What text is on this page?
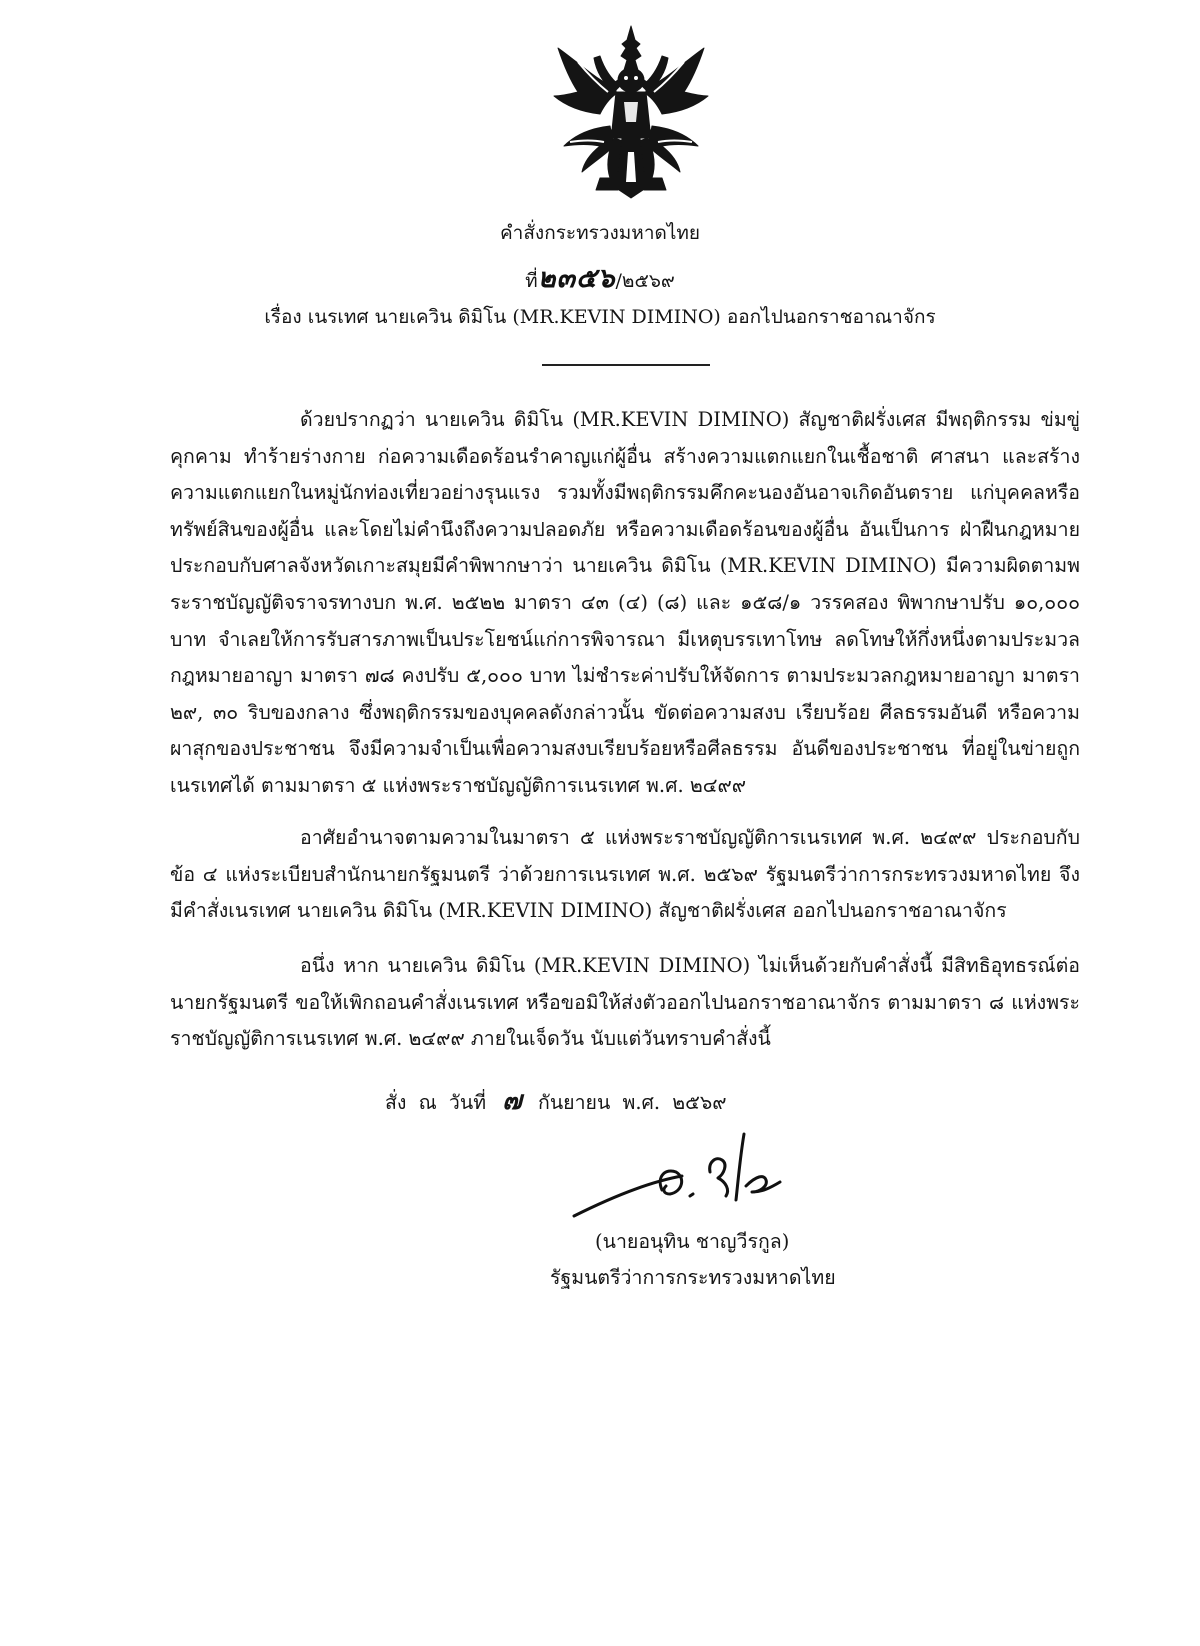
คำสั่งกระทรวงมหาดไทย
ที่๒๓๕๖/๒๕๖๙
เรื่อง เนรเทศ นายเควิน ดิมิโน (MR.KEVIN DIMINO) ออกไปนอกราชอาณาจักร

ด้วยปรากฏว่า นายเควิน ดิมิโน (MR.KEVIN DIMINO) สัญชาติฝรั่งเศส มีพฤติกรรม ข่มขู่ คุกคาม ทำร้ายร่างกาย ก่อความเดือดร้อนรำคาญแก่ผู้อื่น สร้างความแตกแยกในเชื้อชาติ ศาสนา และสร้างความแตกแยกในหมู่นักท่องเที่ยวอย่างรุนแรง รวมทั้งมีพฤติกรรมคึกคะนองอันอาจเกิดอันตราย แก่บุคคลหรือทรัพย์สินของผู้อื่น และโดยไม่คำนึงถึงความปลอดภัย หรือความเดือดร้อนของผู้อื่น อันเป็นการ ฝ่าฝืนกฎหมาย ประกอบกับศาลจังหวัดเกาะสมุยมีคำพิพากษาว่า นายเควิน ดิมิโน (MR.KEVIN DIMINO) มีความผิดตามพระราชบัญญัติจราจรทางบก พ.ศ. ๒๕๒๒ มาตรา ๔๓ (๔) (๘) และ ๑๕๘/๑ วรรคสอง พิพากษาปรับ ๑๐,๐๐๐ บาท จำเลยให้การรับสารภาพเป็นประโยชน์แก่การพิจารณา มีเหตุบรรเทาโทษ ลดโทษให้กึ่งหนึ่งตามประมวลกฎหมายอาญา มาตรา ๗๘ คงปรับ ๕,๐๐๐ บาท ไม่ชำระค่าปรับให้จัดการ ตามประมวลกฎหมายอาญา มาตรา ๒๙, ๓๐ ริบของกลาง ซึ่งพฤติกรรมของบุคคลดังกล่าวนั้น ขัดต่อความสงบ เรียบร้อย ศีลธรรมอันดี หรือความผาสุกของประชาชน จึงมีความจำเป็นเพื่อความสงบเรียบร้อยหรือศีลธรรม อันดีของประชาชน ที่อยู่ในข่ายถูกเนรเทศได้ ตามมาตรา ๕ แห่งพระราชบัญญัติการเนรเทศ พ.ศ. ๒๔๙๙

อาศัยอำนาจตามความในมาตรา ๕ แห่งพระราชบัญญัติการเนรเทศ พ.ศ. ๒๔๙๙ ประกอบกับ ข้อ ๔ แห่งระเบียบสำนักนายกรัฐมนตรี ว่าด้วยการเนรเทศ พ.ศ. ๒๕๖๙ รัฐมนตรีว่าการกระทรวงมหาดไทย จึงมีคำสั่งเนรเทศ นายเควิน ดิมิโน (MR.KEVIN DIMINO) สัญชาติฝรั่งเศส ออกไปนอกราชอาณาจักร

อนึ่ง หาก นายเควิน ดิมิโน (MR.KEVIN DIMINO) ไม่เห็นด้วยกับคำสั่งนี้ มีสิทธิอุทธรณ์ต่อ นายกรัฐมนตรี ขอให้เพิกถอนคำสั่งเนรเทศ หรือขอมิให้ส่งตัวออกไปนอกราชอาณาจักร ตามมาตรา ๘ แห่งพระราชบัญญัติการเนรเทศ พ.ศ. ๒๔๙๙ ภายในเจ็ดวัน นับแต่วันทราบคำสั่งนี้

สั่ง ณ วันที่ ๗ กันยายน พ.ศ. ๒๕๖๙
(นายอนุทิน ชาญวีรกูล)
รัฐมนตรีว่าการกระทรวงมหาดไทย
